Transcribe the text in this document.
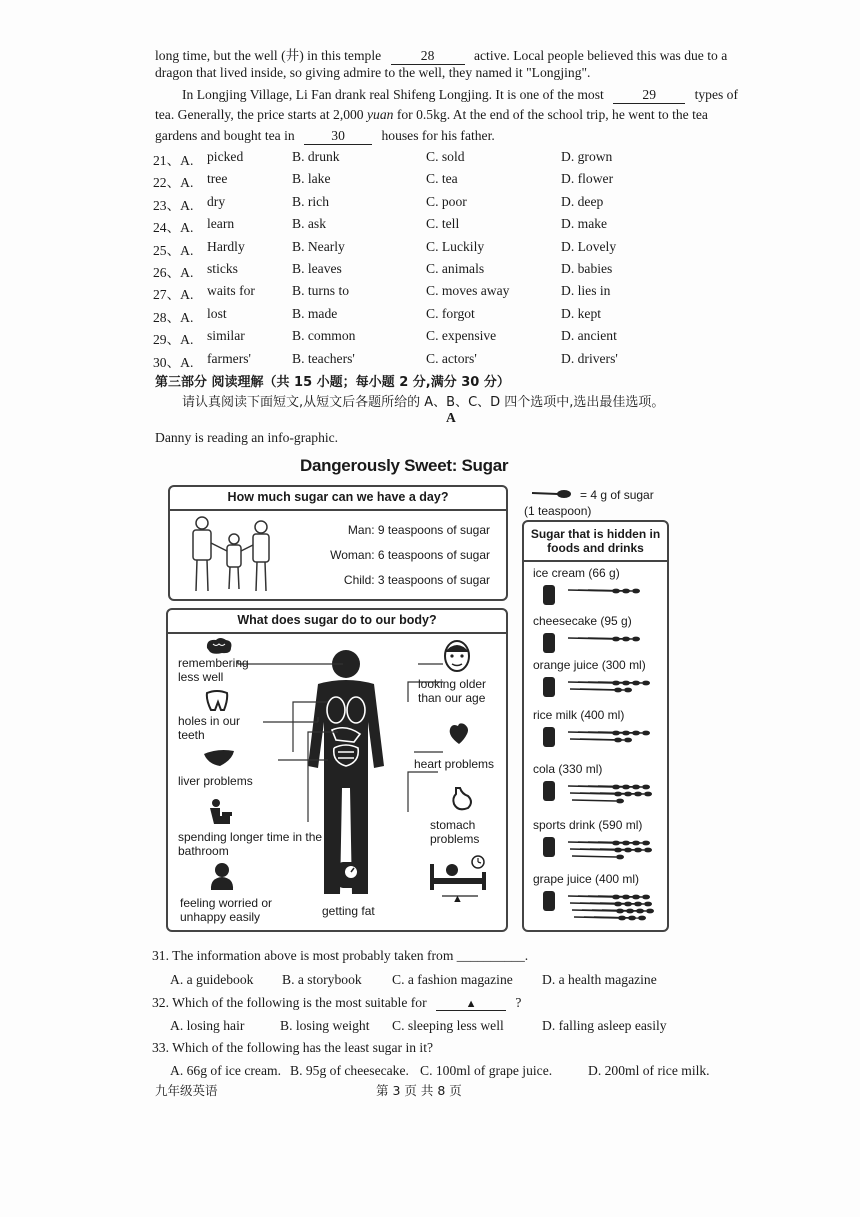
long time, but the well (井) in this temple	28	active. Local people believed this was due to a
dragon that lived inside, so giving admire to the well, they named it "Longjing".
In Longjing Village, Li Fan drank real Shifeng Longjing. It is one of the most	29	types of
tea. Generally, the price starts at 2,000 yuan for 0.5kg. At the end of the school trip, he went to the tea
gardens and bought tea in	30	houses for his father.
21、A. picked	B. drunk	C. sold	D. grown
22、A. tree	B. lake	C. tea	D. flower
23、A. dry	B. rich	C. poor	D. deep
24、A. learn	B. ask	C. tell	D. make
25、A. Hardly	B. Nearly	C. Luckily	D. Lovely
26、A. sticks	B. leaves	C. animals	D. babies
27、A. waits for	B. turns to	C. moves away	D. lies in
28、A. lost	B. made	C. forgot	D. kept
29、A. similar	B. common	C. expensive	D. ancient
30、A. farmers'	B. teachers'	C. actors'	D. drivers'
第三部分 阅读理解（共 15 小题；每小题 2 分,满分 30 分）
请认真阅读下面短文,从短文后各题所给的 A、B、C、D 四个选项中,选出最佳选项。
A
Danny is reading an info-graphic.
Dangerously Sweet: Sugar
How much sugar can we have a day?
Man: 9 teaspoons of sugar
Woman: 6 teaspoons of sugar
Child: 3 teaspoons of sugar
= 4 g of sugar
(1 teaspoon)
Sugar that is hidden in foods and drinks
ice cream (66 g)
cheesecake (95 g)
orange juice (300 ml)
rice milk (400 ml)
cola (330 ml)
sports drink (590 ml)
grape juice (400 ml)
What does sugar do to our body?
remembering less well
holes in our teeth
liver problems
spending longer time in the bathroom
feeling worried or unhappy easily	getting fat
looking older than our age
heart problems
stomach problems
▲
31. The information above is most probably taken from __________.
A. a guidebook B. a storybook C. a fashion magazine D. a health magazine
32. Which of the following is the most suitable for	▲	?
A. losing hair	B. losing weight C. sleeping less well	D. falling asleep easily
33. Which of the following has the least sugar in it?
A. 66g of ice cream. B. 95g of cheesecake. C. 100ml of grape juice.	D. 200ml of rice milk.
九年级英语	第 3 页 共 8 页
